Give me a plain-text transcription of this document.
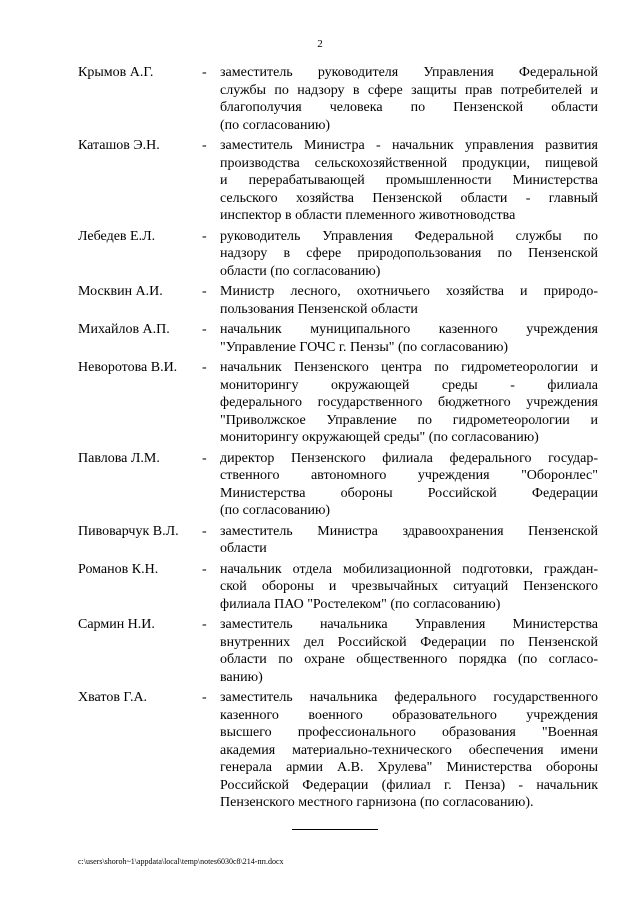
2
Крымов А.Г.	- заместитель руководителя Управления Федеральной
службы по надзору в сфере защиты прав потребителей и
благополучия человека по Пензенской области
(по согласованию)
Каташов Э.Н.	- заместитель Министра - начальник управления развития
производства сельскохозяйственной продукции, пищевой
и перерабатывающей промышленности Министерства
сельского хозяйства Пензенской области - главный
инспектор в области племенного животноводства
Лебедев Е.Л.	- руководитель Управления Федеральной службы по
надзору в сфере природопользования по Пензенской
области (по согласованию)
Москвин А.И.	- Министр лесного, охотничьего хозяйства и природо-
пользования Пензенской области
Михайлов А.П.	- начальник муниципального казенного учреждения
"Управление ГОЧС г. Пензы" (по согласованию)
Неворотова В.И.	- начальник Пензенского центра по гидрометеорологии и
мониторингу окружающей среды - филиала
федерального государственного бюджетного учреждения
"Приволжское Управление по гидрометеорологии и
мониторингу окружающей среды" (по согласованию)
Павлова Л.М.	- директор Пензенского филиала федерального государ-
ственного автономного учреждения "Оборонлес"
Министерства обороны Российской Федерации
(по согласованию)
Пивоварчук В.Л.	- заместитель Министра здравоохранения Пензенской
области
Романов К.Н.	- начальник отдела мобилизационной подготовки, граждан-
ской обороны и чрезвычайных ситуаций Пензенского
филиала ПАО "Ростелеком" (по согласованию)
Сармин Н.И.	- заместитель начальника Управления Министерства
внутренних дел Российской Федерации по Пензенской
области по охране общественного порядка (по согласо-
ванию)
Хватов Г.А.	- заместитель начальника федерального государственного
казенного военного образовательного учреждения
высшего профессионального образования "Военная
академия материально-технического обеспечения имени
генерала армии А.В. Хрулева" Министерства обороны
Российской Федерации (филиал г. Пенза) - начальник
Пензенского местного гарнизона (по согласованию).
c:\users\shoroh~1\appdata\local\temp\notes6030c8\214-пп.docx
